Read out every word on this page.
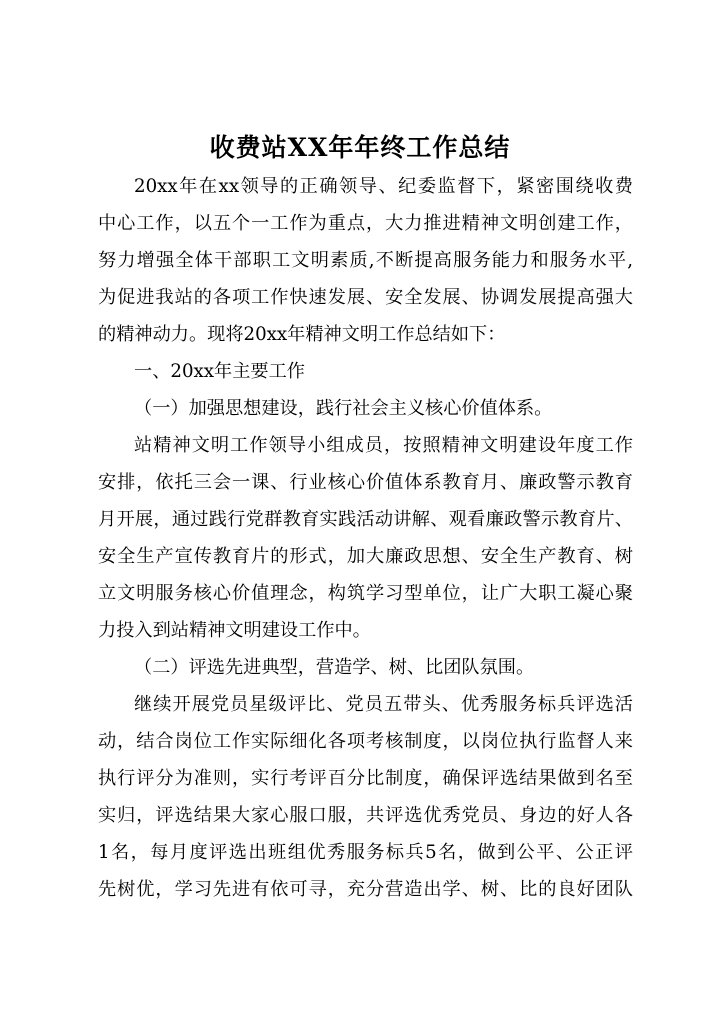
收费站XX年年终工作总结
20xx年在xx领导的正确领导、纪委监督下，紧密围绕收费
中心工作，以五个一工作为重点，大力推进精神文明创建工作，
努力增强全体干部职工文明素质,不断提高服务能力和服务水平,
为促进我站的各项工作快速发展、安全发展、协调发展提高强大
的精神动力。现将20xx年精神文明工作总结如下：
一、20xx年主要工作
（一）加强思想建设，践行社会主义核心价值体系。
站精神文明工作领导小组成员，按照精神文明建设年度工作
安排，依托三会一课、行业核心价值体系教育月、廉政警示教育
月开展，通过践行党群教育实践活动讲解、观看廉政警示教育片、
安全生产宣传教育片的形式，加大廉政思想、安全生产教育、树
立文明服务核心价值理念，构筑学习型单位，让广大职工凝心聚
力投入到站精神文明建设工作中。
（二）评选先进典型，营造学、树、比团队氛围。
继续开展党员星级评比、党员五带头、优秀服务标兵评选活
动，结合岗位工作实际细化各项考核制度，以岗位执行监督人来
执行评分为准则，实行考评百分比制度，确保评选结果做到名至
实归，评选结果大家心服口服，共评选优秀党员、身边的好人各
1名，每月度评选出班组优秀服务标兵5名，做到公平、公正评
先树优，学习先进有依可寻，充分营造出学、树、比的良好团队
